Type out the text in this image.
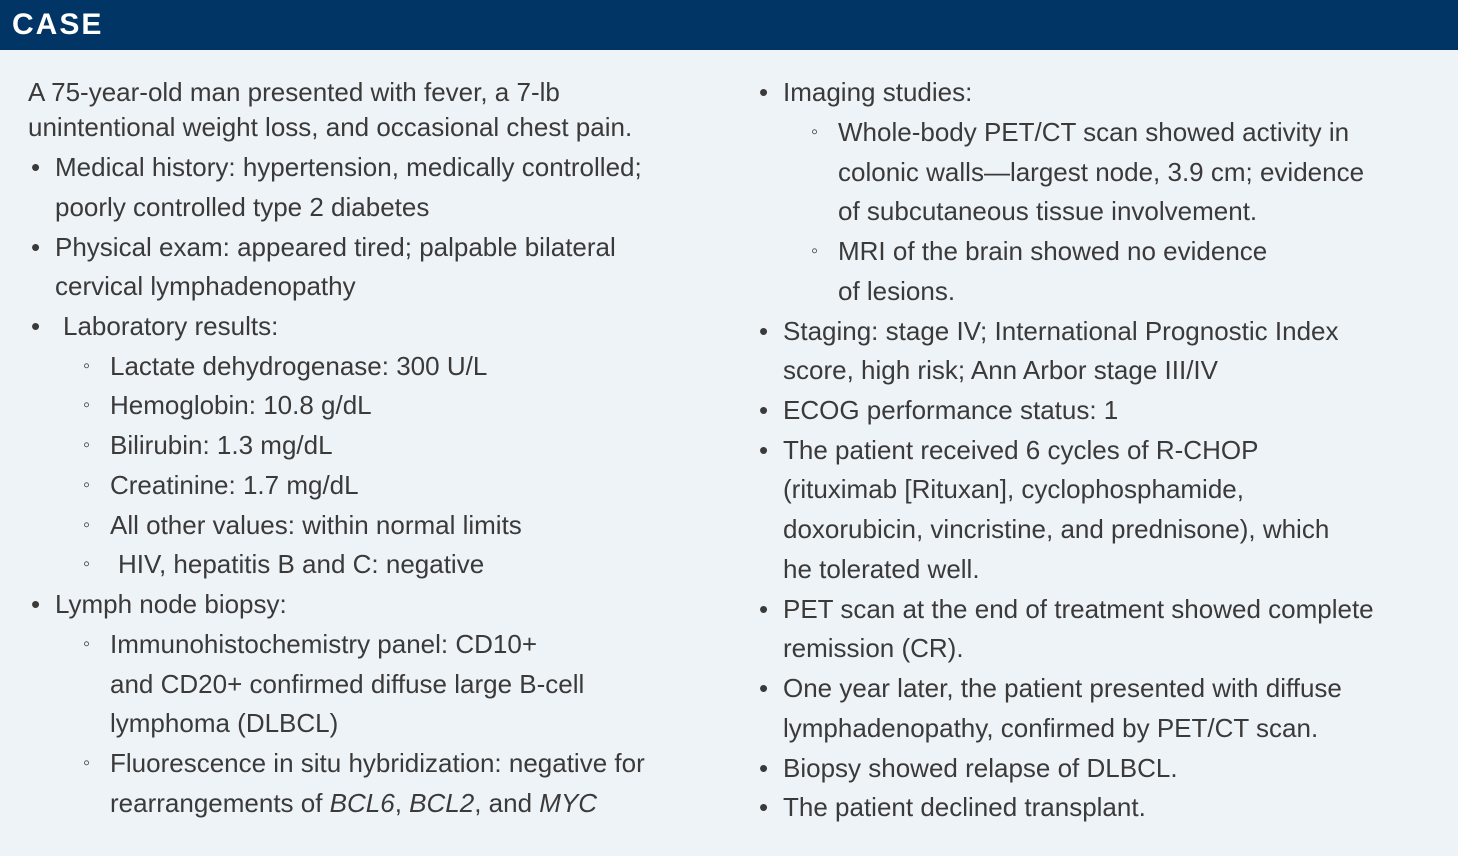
CASE
A 75-year-old man presented with fever, a 7-lb
unintentional weight loss, and occasional chest pain.
• Medical history: hypertension, medically controlled;
poorly controlled type 2 diabetes
• Physical exam: appeared tired; palpable bilateral
cervical lymphadenopathy
• Laboratory results:
◦ Lactate dehydrogenase: 300 U/L
◦ Hemoglobin: 10.8 g/dL
◦ Bilirubin: 1.3 mg/dL
◦ Creatinine: 1.7 mg/dL
◦ All other values: within normal limits
◦ HIV, hepatitis B and C: negative
• Lymph node biopsy:
◦ Immunohistochemistry panel: CD10+
and CD20+ confirmed diffuse large B-cell
lymphoma (DLBCL)
◦ Fluorescence in situ hybridization: negative for
rearrangements of BCL6, BCL2, and MYC
• Imaging studies:
◦ Whole-body PET/CT scan showed activity in
colonic walls—largest node, 3.9 cm; evidence
of subcutaneous tissue involvement.
◦ MRI of the brain showed no evidence
of lesions.
• Staging: stage IV; International Prognostic Index
score, high risk; Ann Arbor stage III/IV
• ECOG performance status: 1
• The patient received 6 cycles of R-CHOP
(rituximab [Rituxan], cyclophosphamide,
doxorubicin, vincristine, and prednisone), which
he tolerated well.
• PET scan at the end of treatment showed complete
remission (CR).
• One year later, the patient presented with diffuse
lymphadenopathy, confirmed by PET/CT scan.
• Biopsy showed relapse of DLBCL.
• The patient declined transplant.
